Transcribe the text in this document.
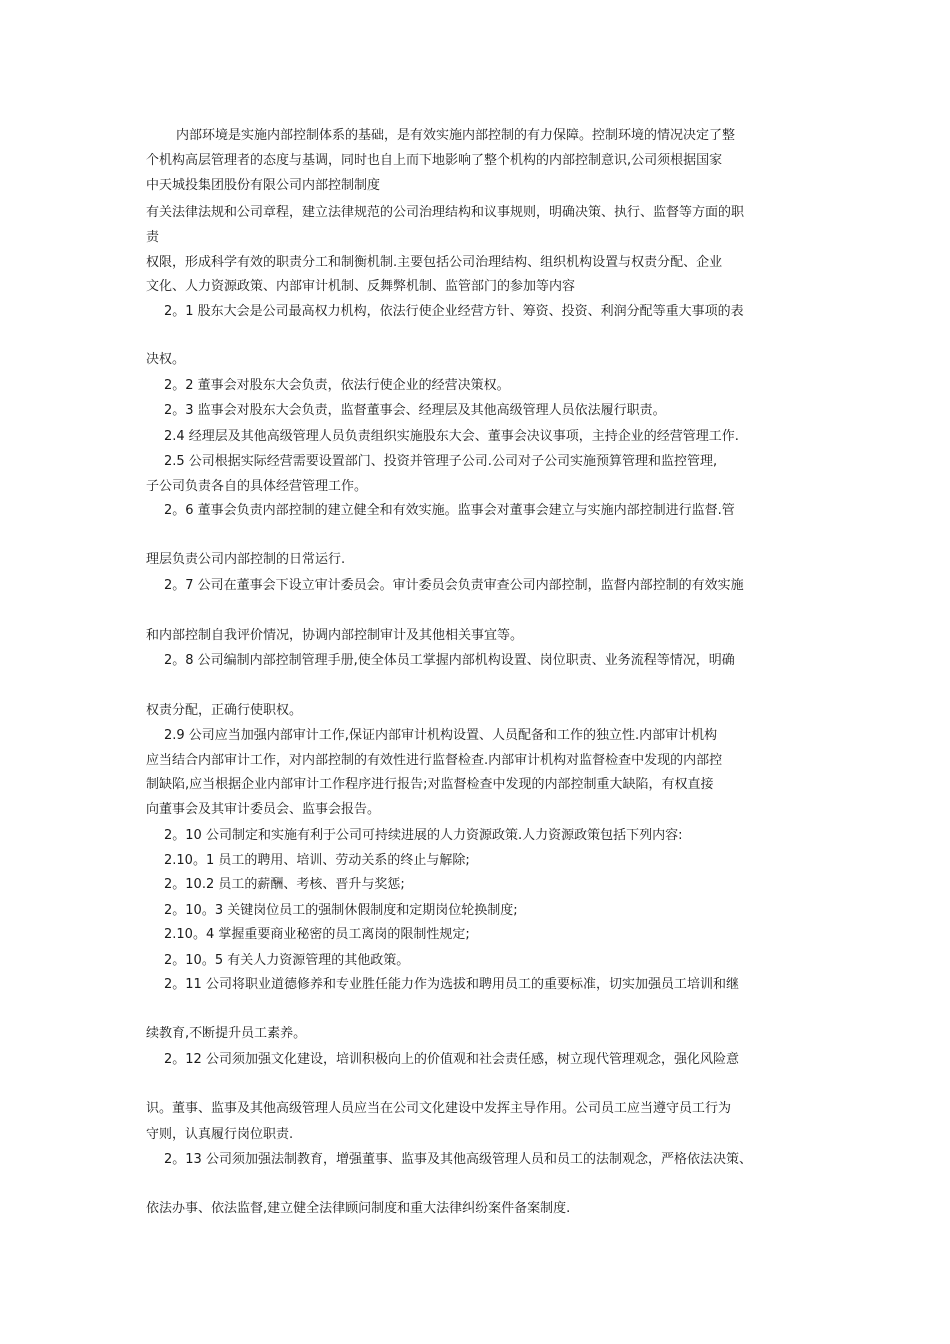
内部环境是实施内部控制体系的基础，是有效实施内部控制的有力保障。控制环境的情况决定了整
个机构高层管理者的态度与基调，同时也自上而下地影响了整个机构的内部控制意识,公司须根据国家
中天城投集团股份有限公司内部控制制度
有关法律法规和公司章程，建立法律规范的公司治理结构和议事规则，明确决策、执行、监督等方面的职
责
权限，形成科学有效的职责分工和制衡机制.主要包括公司治理结构、组织机构设置与权责分配、企业
文化、人力资源政策、内部审计机制、反舞弊机制、监管部门的参加等内容
2。1 股东大会是公司最高权力机构，依法行使企业经营方针、筹资、投资、利润分配等重大事项的表
决权。
2。2 董事会对股东大会负责，依法行使企业的经营决策权。
2。3 监事会对股东大会负责，监督董事会、经理层及其他高级管理人员依法履行职责。
2.4 经理层及其他高级管理人员负责组织实施股东大会、董事会决议事项，主持企业的经营管理工作.
2.5 公司根据实际经营需要设置部门、投资并管理子公司.公司对子公司实施预算管理和监控管理,
子公司负责各自的具体经营管理工作。
2。6 董事会负责内部控制的建立健全和有效实施。监事会对董事会建立与实施内部控制进行监督.管
理层负责公司内部控制的日常运行.
2。7 公司在董事会下设立审计委员会。审计委员会负责审查公司内部控制，监督内部控制的有效实施
和内部控制自我评价情况，协调内部控制审计及其他相关事宜等。
2。8 公司编制内部控制管理手册,使全体员工掌握内部机构设置、岗位职责、业务流程等情况，明确
权责分配，正确行使职权。
2.9 公司应当加强内部审计工作,保证内部审计机构设置、人员配备和工作的独立性.内部审计机构
应当结合内部审计工作，对内部控制的有效性进行监督检查.内部审计机构对监督检查中发现的内部控
制缺陷,应当根据企业内部审计工作程序进行报告;对监督检查中发现的内部控制重大缺陷，有权直接
向董事会及其审计委员会、监事会报告。
2。10 公司制定和实施有利于公司可持续进展的人力资源政策.人力资源政策包括下列内容:
2.10。1 员工的聘用、培训、劳动关系的终止与解除;
2。10.2 员工的薪酬、考核、晋升与奖惩;
2。10。3 关键岗位员工的强制休假制度和定期岗位轮换制度;
2.10。4 掌握重要商业秘密的员工离岗的限制性规定;
2。10。5 有关人力资源管理的其他政策。
2。11 公司将职业道德修养和专业胜任能力作为选拔和聘用员工的重要标准，切实加强员工培训和继
续教育,不断提升员工素养。
2。12 公司须加强文化建设，培训积极向上的价值观和社会责任感，树立现代管理观念，强化风险意
识。董事、监事及其他高级管理人员应当在公司文化建设中发挥主导作用。公司员工应当遵守员工行为
守则，认真履行岗位职责.
2。13 公司须加强法制教育，增强董事、监事及其他高级管理人员和员工的法制观念，严格依法决策、
依法办事、依法监督,建立健全法律顾问制度和重大法律纠纷案件备案制度.
